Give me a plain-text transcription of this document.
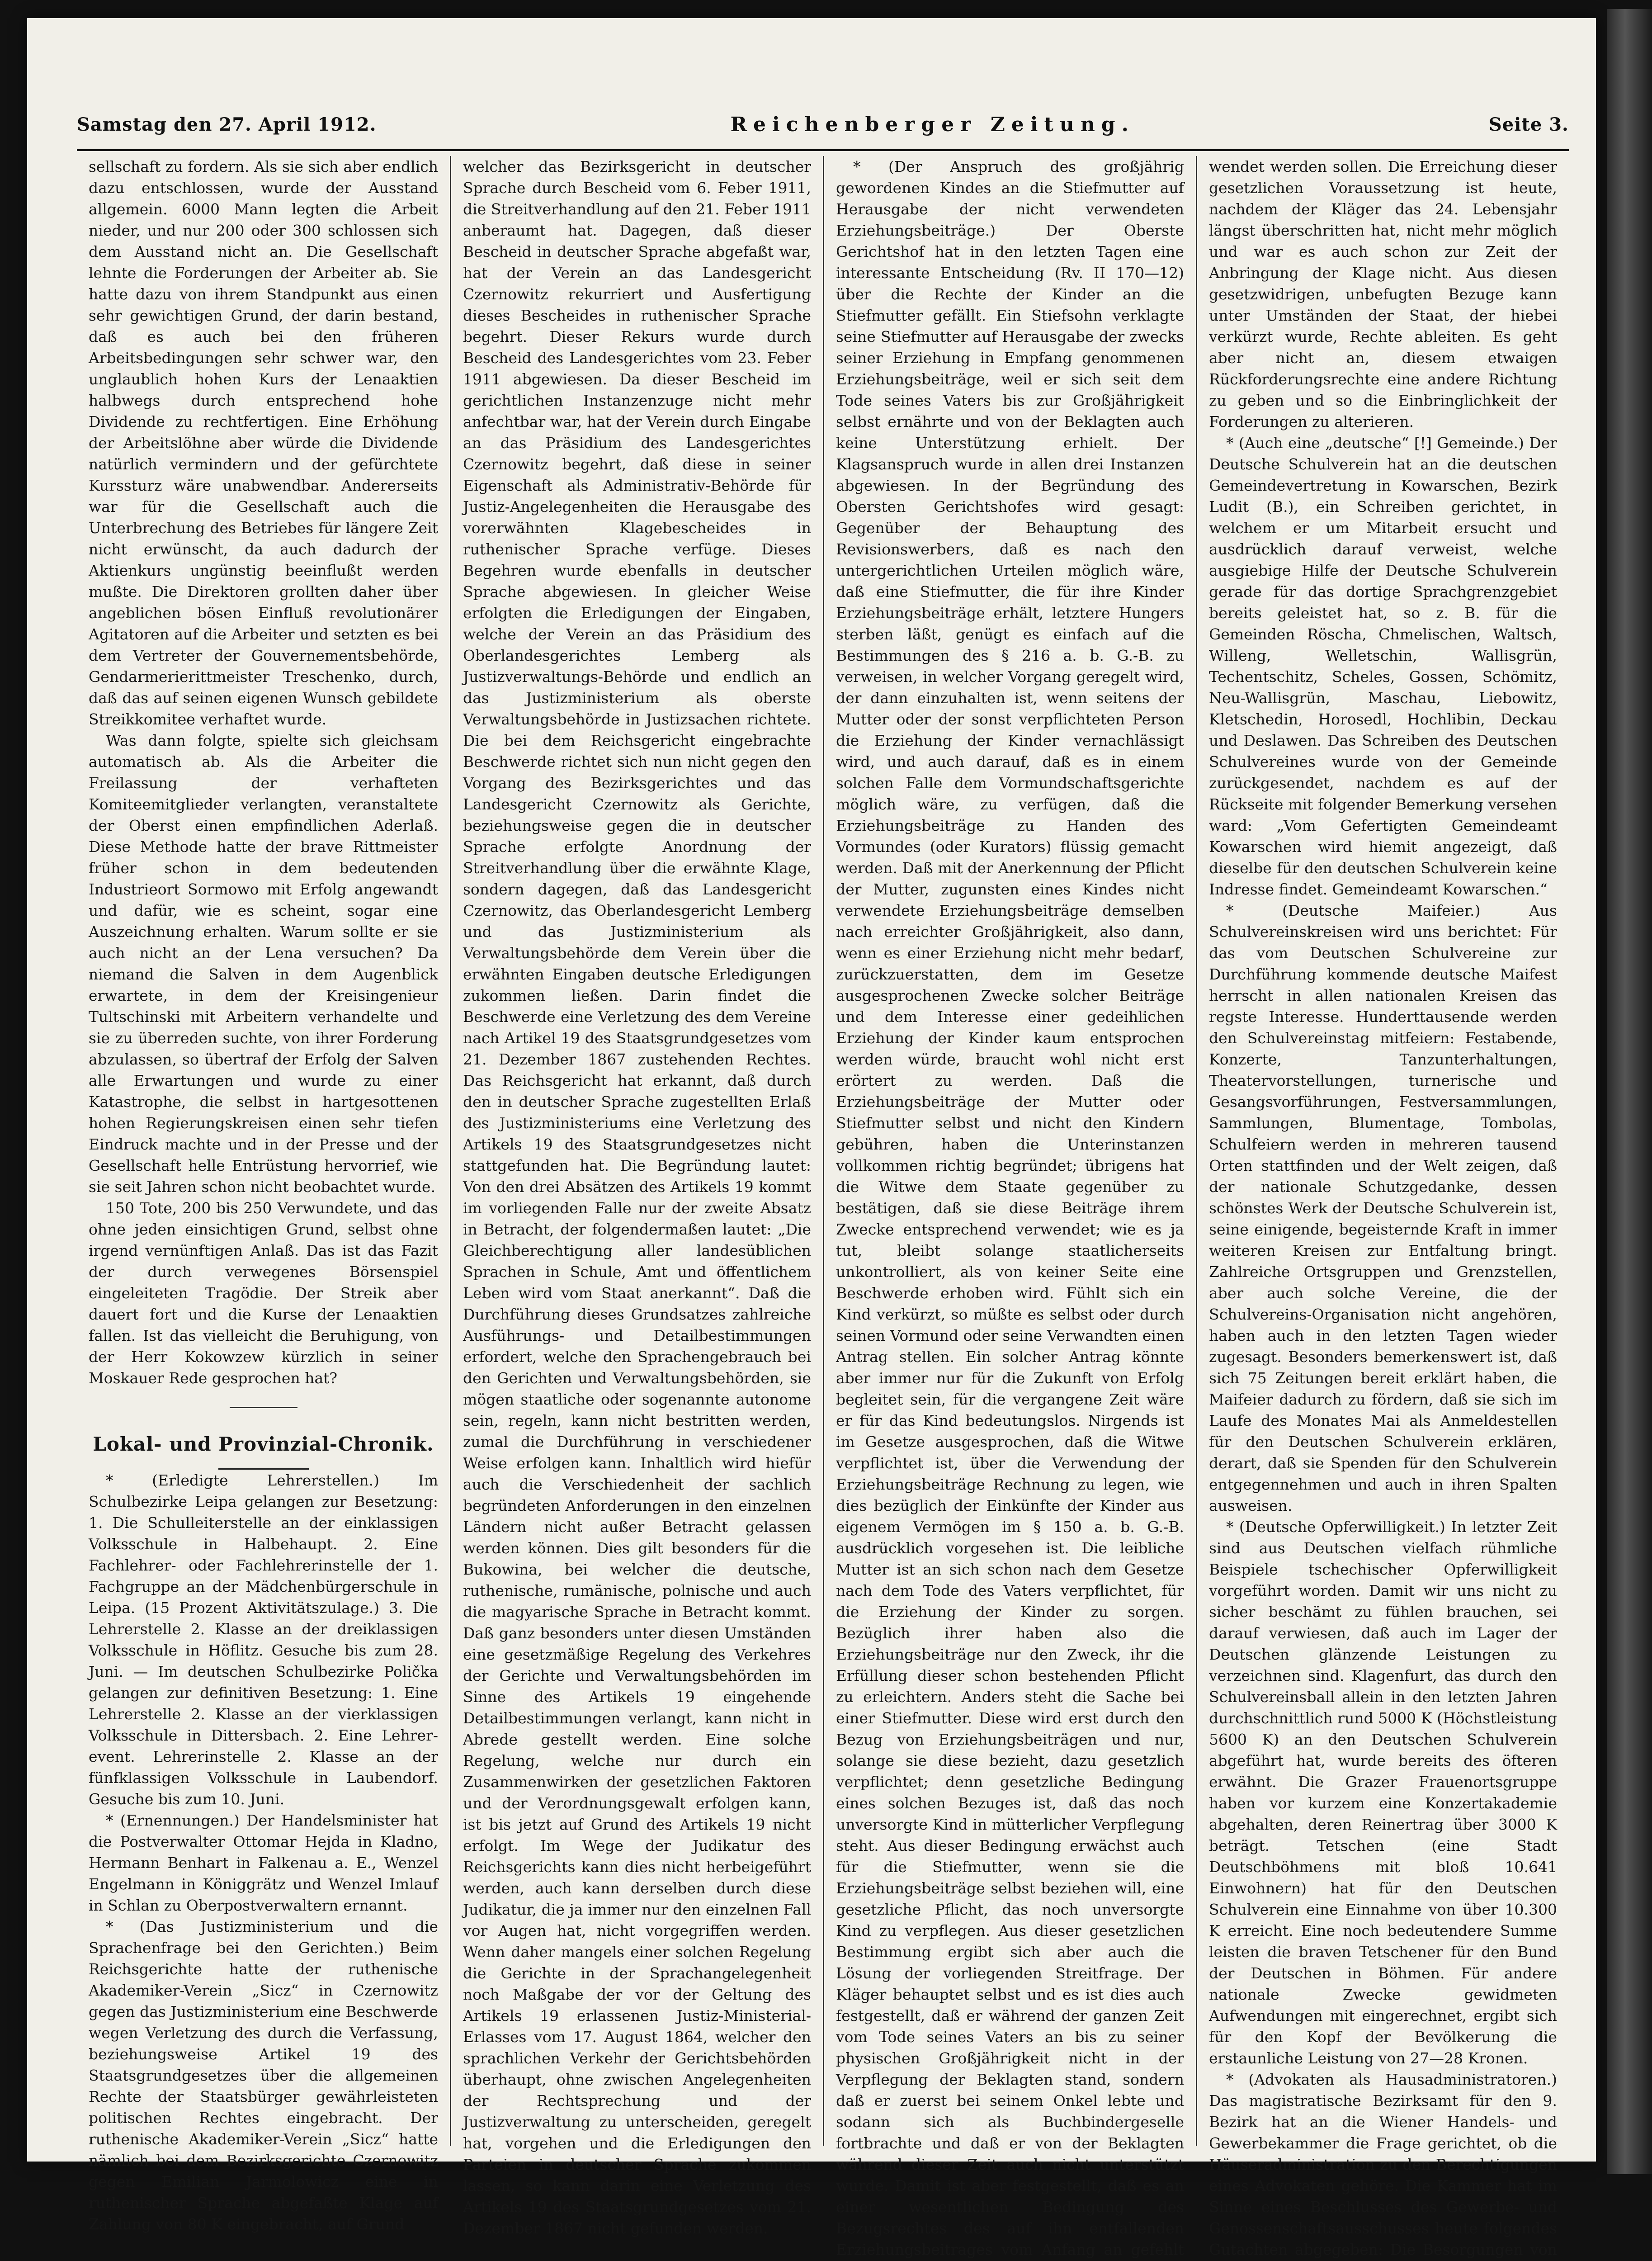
Samstag den 27. April 1912.	Reichenberger Zeitung.	Seite 3.

sellschaft zu fordern. Als sie sich aber endlich dazu entschlossen, wurde der Ausstand allgemein. 6000 Mann legten die Arbeit nieder, und nur 200 oder 300 schlossen sich dem Ausstand nicht an. Die Gesellschaft lehnte die Forderungen der Arbeiter ab. Sie hatte dazu von ihrem Standpunkt aus einen sehr gewichtigen Grund, der darin bestand, daß es auch bei den früheren Arbeitsbedingungen sehr schwer war, den unglaublich hohen Kurs der Lenaaktien halbwegs durch entsprechend hohe Dividende zu rechtfertigen. Eine Erhöhung der Arbeitslöhne aber würde die Dividende natürlich vermindern und der gefürchtete Kurssturz wäre unabwendbar. Andererseits war für die Gesellschaft auch die Unterbrechung des Betriebes für längere Zeit nicht erwünscht, da auch dadurch der Aktienkurs ungünstig beeinflußt werden mußte. Die Direktoren grollten daher über angeblichen bösen Einfluß revolutionärer Agitatoren auf die Arbeiter und setzten es bei dem Vertreter der Gouvernementsbehörde, Gendarmerierittmeister Treschenko, durch, daß das auf seinen eigenen Wunsch gebildete Streikkomitee verhaftet wurde.

Was dann folgte, spielte sich gleichsam automatisch ab. Als die Arbeiter die Freilassung der verhafteten Komiteemitglieder verlangten, veranstaltete der Oberst einen empfindlichen Aderlaß. Diese Methode hatte der brave Rittmeister früher schon in dem bedeutenden Industrieort Sormowo mit Erfolg angewandt und dafür, wie es scheint, sogar eine Auszeichnung erhalten. Warum sollte er sie auch nicht an der Lena versuchen? Da niemand die Salven in dem Augenblick erwartete, in dem der Kreisingenieur Tultschinski mit Arbeitern verhandelte und sie zu überreden suchte, von ihrer Forderung abzulassen, so übertraf der Erfolg der Salven alle Erwartungen und wurde zu einer Katastrophe, die selbst in hartgesottenen hohen Regierungskreisen einen sehr tiefen Eindruck machte und in der Presse und der Gesellschaft helle Entrüstung hervorrief, wie sie seit Jahren schon nicht beobachtet wurde.

150 Tote, 200 bis 250 Verwundete, und das ohne jeden einsichtigen Grund, selbst ohne irgend vernünftigen Anlaß. Das ist das Fazit der durch verwegenes Börsenspiel eingeleiteten Tragödie. Der Streik aber dauert fort und die Kurse der Lenaaktien fallen. Ist das vielleicht die Beruhigung, von der Herr Kokowzew kürzlich in seiner Moskauer Rede gesprochen hat?

Lokal- und Provinzial-Chronik.

* (Erledigte Lehrerstellen.) Im Schulbezirke Leipa gelangen zur Besetzung: 1. Die Schulleiterstelle an der einklassigen Volksschule in Halbehaupt. 2. Eine Fachlehrer- oder Fachlehrerinstelle der 1. Fachgruppe an der Mädchenbürgerschule in Leipa. (15 Prozent Aktivitätszulage.) 3. Die Lehrerstelle 2. Klasse an der dreiklassigen Volksschule in Höflitz. Gesuche bis zum 28. Juni. — Im deutschen Schulbezirke Polička gelangen zur definitiven Besetzung: 1. Eine Lehrerstelle 2. Klasse an der vierklassigen Volksschule in Dittersbach. 2. Eine Lehrer- event. Lehrerinstelle 2. Klasse an der fünfklassigen Volksschule in Laubendorf. Gesuche bis zum 10. Juni.

* (Ernennungen.) Der Handelsminister hat die Postverwalter Ottomar Hejda in Kladno, Hermann Benhart in Falkenau a. E., Wenzel Engelmann in Königgrätz und Wenzel Imlauf in Schlan zu Oberpostverwaltern ernannt.

* (Das Justizministerium und die Sprachenfrage bei den Gerichten.) Beim Reichsgerichte hatte der ruthenische Akademiker-Verein „Sicz“ in Czernowitz gegen das Justizministerium eine Beschwerde wegen Verletzung des durch die Verfassung, beziehungsweise Artikel 19 des Staatsgrundgesetzes über die allgemeinen Rechte der Staatsbürger gewährleisteten politischen Rechtes eingebracht. Der ruthenische Akademiker-Verein „Sicz“ hatte nämlich bei dem Bezirksgerichte Czernowitz gegen Emilian Jarmolowicz eine in ruthenischer Sprache abgefaßte Klage auf Zahlung von 80 K eingebracht, auf Grund

welcher das Bezirksgericht in deutscher Sprache durch Bescheid vom 6. Feber 1911, die Streitverhandlung auf den 21. Feber 1911 anberaumt hat. Dagegen, daß dieser Bescheid in deutscher Sprache abgefaßt war, hat der Verein an das Landesgericht Czernowitz rekurriert und Ausfertigung dieses Bescheides in ruthenischer Sprache begehrt. Dieser Rekurs wurde durch Bescheid des Landesgerichtes vom 23. Feber 1911 abgewiesen. Da dieser Bescheid im gerichtlichen Instanzenzuge nicht mehr anfechtbar war, hat der Verein durch Eingabe an das Präsidium des Landesgerichtes Czernowitz begehrt, daß diese in seiner Eigenschaft als Administrativ-Behörde für Justiz-Angelegenheiten die Herausgabe des vorerwähnten Klagebescheides in ruthenischer Sprache verfüge. Dieses Begehren wurde ebenfalls in deutscher Sprache abgewiesen. In gleicher Weise erfolgten die Erledigungen der Eingaben, welche der Verein an das Präsidium des Oberlandesgerichtes Lemberg als Justizverwaltungs-Behörde und endlich an das Justizministerium als oberste Verwaltungsbehörde in Justizsachen richtete. Die bei dem Reichsgericht eingebrachte Beschwerde richtet sich nun nicht gegen den Vorgang des Bezirksgerichtes und das Landesgericht Czernowitz als Gerichte, beziehungsweise gegen die in deutscher Sprache erfolgte Anordnung der Streitverhandlung über die erwähnte Klage, sondern dagegen, daß das Landesgericht Czernowitz, das Oberlandesgericht Lemberg und das Justizministerium als Verwaltungsbehörde dem Verein über die erwähnten Eingaben deutsche Erledigungen zukommen ließen. Darin findet die Beschwerde eine Verletzung des dem Vereine nach Artikel 19 des Staatsgrundgesetzes vom 21. Dezember 1867 zustehenden Rechtes. Das Reichsgericht hat erkannt, daß durch den in deutscher Sprache zugestellten Erlaß des Justizministeriums eine Verletzung des Artikels 19 des Staatsgrundgesetzes nicht stattgefunden hat. Die Begründung lautet: Von den drei Absätzen des Artikels 19 kommt im vorliegenden Falle nur der zweite Absatz in Betracht, der folgendermaßen lautet: „Die Gleichberechtigung aller landesüblichen Sprachen in Schule, Amt und öffentlichem Leben wird vom Staat anerkannt“. Daß die Durchführung dieses Grundsatzes zahlreiche Ausführungs- und Detailbestimmungen erfordert, welche den Sprachengebrauch bei den Gerichten und Verwaltungsbehörden, sie mögen staatliche oder sogenannte autonome sein, regeln, kann nicht bestritten werden, zumal die Durchführung in verschiedener Weise erfolgen kann. Inhaltlich wird hiefür auch die Verschiedenheit der sachlich begründeten Anforderungen in den einzelnen Ländern nicht außer Betracht gelassen werden können. Dies gilt besonders für die Bukowina, bei welcher die deutsche, ruthenische, rumänische, polnische und auch die magyarische Sprache in Betracht kommt. Daß ganz besonders unter diesen Umständen eine gesetzmäßige Regelung des Verkehres der Gerichte und Verwaltungsbehörden im Sinne des Artikels 19 eingehende Detailbestimmungen verlangt, kann nicht in Abrede gestellt werden. Eine solche Regelung, welche nur durch ein Zusammenwirken der gesetzlichen Faktoren und der Verordnungsgewalt erfolgen kann, ist bis jetzt auf Grund des Artikels 19 nicht erfolgt. Im Wege der Judikatur des Reichsgerichts kann dies nicht herbeigeführt werden, auch kann derselben durch diese Judikatur, die ja immer nur den einzelnen Fall vor Augen hat, nicht vorgegriffen werden. Wenn daher mangels einer solchen Regelung die Gerichte in der Sprachangelegenheit noch Maßgabe der vor der Geltung des Artikels 19 erlassenen Justiz-Ministerial-Erlasses vom 17. August 1864, welcher den sprachlichen Verkehr der Gerichtsbehörden überhaupt, ohne zwischen Angelegenheiten der Rechtsprechung und der Justizverwaltung zu unterscheiden, geregelt hat, vorgehen und die Erledigungen den Parteien in deutscher Sprache zukommen lassen, so kann darin eine Verletzung des Artikels 19 des Staatsgrundgesetzes vom 21. Dezember 1867 nicht gefunden werden.

* (Der Anspruch des großjährig gewordenen Kindes an die Stiefmutter auf Herausgabe der nicht verwendeten Erziehungsbeiträge.) Der Oberste Gerichtshof hat in den letzten Tagen eine interessante Entscheidung (Rv. II 170—12) über die Rechte der Kinder an die Stiefmutter gefällt. Ein Stiefsohn verklagte seine Stiefmutter auf Herausgabe der zwecks seiner Erziehung in Empfang genommenen Erziehungsbeiträge, weil er sich seit dem Tode seines Vaters bis zur Großjährigkeit selbst ernährte und von der Beklagten auch keine Unterstützung erhielt. Der Klagsanspruch wurde in allen drei Instanzen abgewiesen. In der Begründung des Obersten Gerichtshofes wird gesagt: Gegenüber der Behauptung des Revisionswerbers, daß es nach den untergerichtlichen Urteilen möglich wäre, daß eine Stiefmutter, die für ihre Kinder Erziehungsbeiträge erhält, letztere Hungers sterben läßt, genügt es einfach auf die Bestimmungen des § 216 a. b. G.-B. zu verweisen, in welcher Vorgang geregelt wird, der dann einzuhalten ist, wenn seitens der Mutter oder der sonst verpflichteten Person die Erziehung der Kinder vernachlässigt wird, und auch darauf, daß es in einem solchen Falle dem Vormundschaftsgerichte möglich wäre, zu verfügen, daß die Erziehungsbeiträge zu Handen des Vormundes (oder Kurators) flüssig gemacht werden. Daß mit der Anerkennung der Pflicht der Mutter, zugunsten eines Kindes nicht verwendete Erziehungsbeiträge demselben nach erreichter Großjährigkeit, also dann, wenn es einer Erziehung nicht mehr bedarf, zurückzuerstatten, dem im Gesetze ausgesprochenen Zwecke solcher Beiträge und dem Interesse einer gedeihlichen Erziehung der Kinder kaum entsprochen werden würde, braucht wohl nicht erst erörtert zu werden. Daß die Erziehungsbeiträge der Mutter oder Stiefmutter selbst und nicht den Kindern gebühren, haben die Unterinstanzen vollkommen richtig begründet; übrigens hat die Witwe dem Staate gegenüber zu bestätigen, daß sie diese Beiträge ihrem Zwecke entsprechend verwendet; wie es ja tut, bleibt solange staatlicherseits unkontrolliert, als von keiner Seite eine Beschwerde erhoben wird. Fühlt sich ein Kind verkürzt, so müßte es selbst oder durch seinen Vormund oder seine Verwandten einen Antrag stellen. Ein solcher Antrag könnte aber immer nur für die Zukunft von Erfolg begleitet sein, für die vergangene Zeit wäre er für das Kind bedeutungslos. Nirgends ist im Gesetze ausgesprochen, daß die Witwe verpflichtet ist, über die Verwendung der Erziehungsbeiträge Rechnung zu legen, wie dies bezüglich der Einkünfte der Kinder aus eigenem Vermögen im § 150 a. b. G.-B. ausdrücklich vorgesehen ist. Die leibliche Mutter ist an sich schon nach dem Gesetze nach dem Tode des Vaters verpflichtet, für die Erziehung der Kinder zu sorgen. Bezüglich ihrer haben also die Erziehungsbeiträge nur den Zweck, ihr die Erfüllung dieser schon bestehenden Pflicht zu erleichtern. Anders steht die Sache bei einer Stiefmutter. Diese wird erst durch den Bezug von Erziehungsbeiträgen und nur, solange sie diese bezieht, dazu gesetzlich verpflichtet; denn gesetzliche Bedingung eines solchen Bezuges ist, daß das noch unversorgte Kind in mütterlicher Verpflegung steht. Aus dieser Bedingung erwächst auch für die Stiefmutter, wenn sie die Erziehungsbeiträge selbst beziehen will, eine gesetzliche Pflicht, das noch unversorgte Kind zu verpflegen. Aus dieser gesetzlichen Bestimmung ergibt sich aber auch die Lösung der vorliegenden Streitfrage. Der Kläger behauptet selbst und es ist dies auch festgestellt, daß er während der ganzen Zeit vom Tode seines Vaters an bis zu seiner physischen Großjährigkeit nicht in der Verpflegung der Beklagten stand, sondern daß er zuerst bei seinem Onkel lebte und sodann sich als Buchbindergeselle fortbrachte und daß er von der Beklagten während dieser Zeit auch nicht unterstützt wurde. Damit ist aber festgestellt, daß es an einer wesentlichen Bedingung des Bezugsrechtes des auf ihn entfallenden Erziehungsbeitrages vom Anfang an gefehlt

wendet werden sollen. Die Erreichung dieser gesetzlichen Voraussetzung ist heute, nachdem der Kläger das 24. Lebensjahr längst überschritten hat, nicht mehr möglich und war es auch schon zur Zeit der Anbringung der Klage nicht. Aus diesen gesetzwidrigen, unbefugten Bezuge kann unter Umständen der Staat, der hiebei verkürzt wurde, Rechte ableiten. Es geht aber nicht an, diesem etwaigen Rückforderungsrechte eine andere Richtung zu geben und so die Einbringlichkeit der Forderungen zu alterieren.

* (Auch eine „deutsche“ [!] Gemeinde.) Der Deutsche Schulverein hat an die deutschen Gemeindevertretung in Kowarschen, Bezirk Ludit (B.), ein Schreiben gerichtet, in welchem er um Mitarbeit ersucht und ausdrücklich darauf verweist, welche ausgiebige Hilfe der Deutsche Schulverein gerade für das dortige Sprachgrenzgebiet bereits geleistet hat, so z. B. für die Gemeinden Röscha, Chmelischen, Waltsch, Willeng, Welletschin, Wallisgrün, Techentschitz, Scheles, Gossen, Schömitz, Neu-Wallisgrün, Maschau, Liebowitz, Kletschedin, Horosedl, Hochlibin, Deckau und Deslawen. Das Schreiben des Deutschen Schulvereines wurde von der Gemeinde zurückgesendet, nachdem es auf der Rückseite mit folgender Bemerkung versehen ward: „Vom Gefertigten Gemeindeamt Kowarschen wird hiemit angezeigt, daß dieselbe für den deutschen Schulverein keine Indresse findet. Gemeindeamt Kowarschen.“

* (Deutsche Maifeier.) Aus Schulvereinskreisen wird uns berichtet: Für das vom Deutschen Schulvereine zur Durchführung kommende deutsche Maifest herrscht in allen nationalen Kreisen das regste Interesse. Hunderttausende werden den Schulvereinstag mitfeiern: Festabende, Konzerte, Tanzunterhaltungen, Theatervorstellungen, turnerische und Gesangsvorführungen, Festversammlungen, Sammlungen, Blumentage, Tombolas, Schulfeiern werden in mehreren tausend Orten stattfinden und der Welt zeigen, daß der nationale Schutzgedanke, dessen schönstes Werk der Deutsche Schulverein ist, seine einigende, begeisternde Kraft in immer weiteren Kreisen zur Entfaltung bringt. Zahlreiche Ortsgruppen und Grenzstellen, aber auch solche Vereine, die der Schulvereins-Organisation nicht angehören, haben auch in den letzten Tagen wieder zugesagt. Besonders bemerkenswert ist, daß sich 75 Zeitungen bereit erklärt haben, die Maifeier dadurch zu fördern, daß sie sich im Laufe des Monates Mai als Anmeldestellen für den Deutschen Schulverein erklären, derart, daß sie Spenden für den Schulverein entgegennehmen und auch in ihren Spalten ausweisen.

* (Deutsche Opferwilligkeit.) In letzter Zeit sind aus Deutschen vielfach rühmliche Beispiele tschechischer Opferwilligkeit vorgeführt worden. Damit wir uns nicht zu sicher beschämt zu fühlen brauchen, sei darauf verwiesen, daß auch im Lager der Deutschen glänzende Leistungen zu verzeichnen sind. Klagenfurt, das durch den Schulvereinsball allein in den letzten Jahren durchschnittlich rund 5000 K (Höchstleistung 5600 K) an den Deutschen Schulverein abgeführt hat, wurde bereits des öfteren erwähnt. Die Grazer Frauenortsgruppe haben vor kurzem eine Konzertakademie abgehalten, deren Reinertrag über 3000 K beträgt. Tetschen (eine Stadt Deutschböhmens mit bloß 10.641 Einwohnern) hat für den Deutschen Schulverein eine Einnahme von über 10.300 K erreicht. Eine noch bedeutendere Summe leisten die braven Tetschener für den Bund der Deutschen in Böhmen. Für andere nationale Zwecke gewidmeten Aufwendungen mit eingerechnet, ergibt sich für den Kopf der Bevölkerung die erstaunliche Leistung von 27—28 Kronen.

* (Advokaten als Hausadministratoren.) Das magistratische Bezirksamt für den 9. Bezirk hat an die Wiener Handels- und Gewerbekammer die Frage gerichtet, ob die Häuseradministration zu den Berechtigungen eines Advokaten gehöre. Die Kammer hat im Sinne eines Beschlusses des Gewerbe- und Genossenschaftsausschusses heute folgendes Gutachten abgegeben: Die Besorgungen von
